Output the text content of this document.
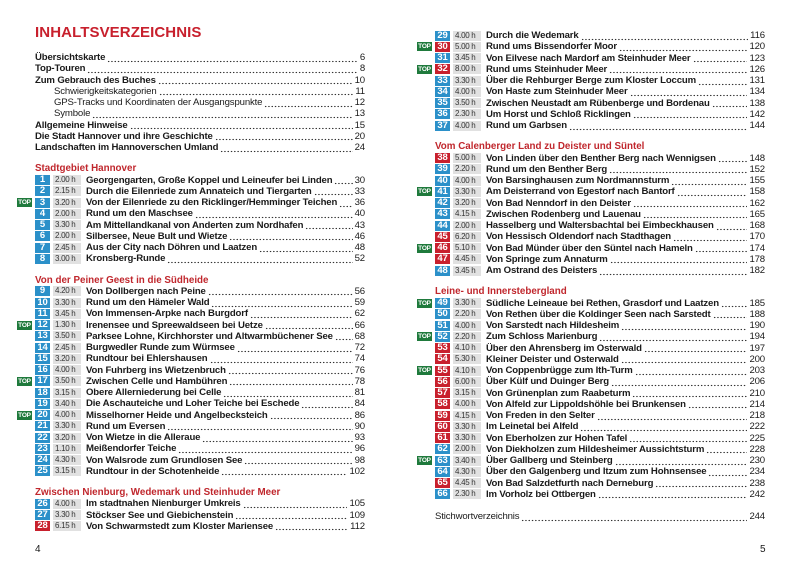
INHALTSVERZEICHNIS
Übersichtskarte	6
Top-Touren	8
Zum Gebrauch des Buches	10
Schwierigkeitskategorien	11
GPS-Tracks und Koordinaten der Ausgangspunkte	12
Symbole	13
Allgemeine Hinweise	15
Die Stadt Hannover und ihre Geschichte	20
Landschaften im Hannoverschen Umland	24
Stadtgebiet Hannover
1	2.00 h	Georgengarten, Große Koppel und Leineufer bei Linden 30
2	2.15 h	Durch die Eilenriede zum Annateich und Tiergarten	33
TOP 3	3.20 h	Von der Eilenriede zu den Ricklinger/Hemminger Teichen 36
4	2.00 h	Rund um den Maschsee	40
5	3.30 h	Am Mittellandkanal von Anderten zum Nordhafen	43
6	2.00 h	Silbersee, Neue Bult und Wietze	46
7	2.45 h	Aus der City nach Döhren und Laatzen	48
8	3.00 h	Kronsberg-Runde	52
Von der Peiner Geest in die Südheide
9	4.20 h	Von Dollbergen nach Peine	56
10 3.30 h	Rund um den Hämeler Wald	59
11 3.45 h	Von Immensen-Arpke nach Burgdorf	62
TOP 12 1.30 h	Irenensee und Spreewaldseen bei Uetze	66
13 3.50 h	Parksee Lohne, Kirchhorster und Altwarmbüchener See 68
14 2.45 h	Burgwedler Runde zum Würmsee	72
15 3.20 h	Rundtour bei Ehlershausen	74
16 4.00 h	Von Fuhrberg ins Wietzenbruch	76
TOP 17 3.50 h	Zwischen Celle und Hambühren	78
18 3.15 h	Obere Allerniederung bei Celle	81
19 3.40 h	Die Aschauteiche und Loher Teiche bei Eschede	84
TOP 20 4.00 h	Misselhorner Heide und Angelbecksteich	86
21 3.30 h	Rund um Eversen	90
22 3.20 h	Von Wietze in die Alleraue	93
23 1.10 h	Meißendorfer Teiche	96
24 4.30 h	Von Walsrode zum Grundlosen See	98
25 3.15 h	Rundtour in der Schotenheide	102
Zwischen Nienburg, Wedemark und Steinhuder Meer
26 4.00 h	Im stadtnahen Nienburger Umkreis	105
27 3.30 h	Stöckser See und Giebichenstein	109
28 6.15 h	Von Schwarmstedt zum Kloster Mariensee	112
4
29 4.00 h	Durch die Wedemark	116
TOP 30 5.00 h	Rund ums Bissendorfer Moor	120
31 3.45 h	Von Eilvese nach Mardorf am Steinhuder Meer	123
TOP 32 8.00 h	Rund ums Steinhuder Meer	126
33 3.30 h	Über die Rehburger Berge zum Kloster Loccum	131
34 4.00 h	Von Haste zum Steinhuder Meer	134
35 3.50 h	Zwischen Neustadt am Rübenberge und Bordenau	138
36 2.30 h	Um Horst und Schloß Ricklingen	142
37 4.00 h	Rund um Garbsen	144
Vom Calenberger Land zu Deister und Süntel
38 5.00 h	Von Linden über den Benther Berg nach Wennigsen	148
39 2.20 h	Rund um den Benther Berg	152
40 4.00 h	Von Barsinghausen zum Nordmannsturm	155
TOP 41 3.30 h	Am Deisterrand von Egestorf nach Bantorf	158
42 3.20 h	Von Bad Nenndorf in den Deister	162
43 4.15 h	Zwischen Rodenberg und Lauenau	165
44 2.00 h	Hasselberg und Waltersbachtal bei Eimbeckhausen	168
45 6.20 h	Von Hessisch Oldendorf nach Stadthagen	170
TOP 46 5.10 h	Von Bad Münder über den Süntel nach Hameln	174
47 4.45 h	Von Springe zum Annaturm	178
48 3.45 h	Am Ostrand des Deisters	182
Leine- und Innerstebergland
TOP 49 3.30 h	Südliche Leineaue bei Rethen, Grasdorf und Laatzen	185
50 2.20 h	Von Rethen über die Koldinger Seen nach Sarstedt	188
51 4.00 h	Von Sarstedt nach Hildesheim	190
TOP 52 2.20 h	Zum Schloss Marienburg	194
53 4.10 h	Über den Ahrensberg im Osterwald	197
54 5.30 h	Kleiner Deister und Osterwald	200
TOP 55 4.10 h	Von Coppenbrügge zum Ith-Turm	203
56 6.00 h	Über Külf und Duinger Berg	206
57 3.15 h	Von Grünenplan zum Raabeturm	210
58 4.00 h	Von Alfeld zur Lippoldshöhle bei Brunkensen	214
59 4.15 h	Von Freden in den Selter	218
60 3.30 h	Im Leinetal bei Alfeld	222
61 3.30 h	Von Eberholzen zur Hohen Tafel	225
62 2.00 h	Von Diekholzen zum Hildesheimer Aussichtsturm	228
TOP 63 3.40 h	Über Gallberg und Steinberg	230
64 4.30 h	Über den Galgenberg und Itzum zum Hohnsensee	234
65 4.45 h	Von Bad Salzdetfurth nach Derneburg	238
66 2.30 h	Im Vorholz bei Ottbergen	242
Stichwortverzeichnis	244
5
